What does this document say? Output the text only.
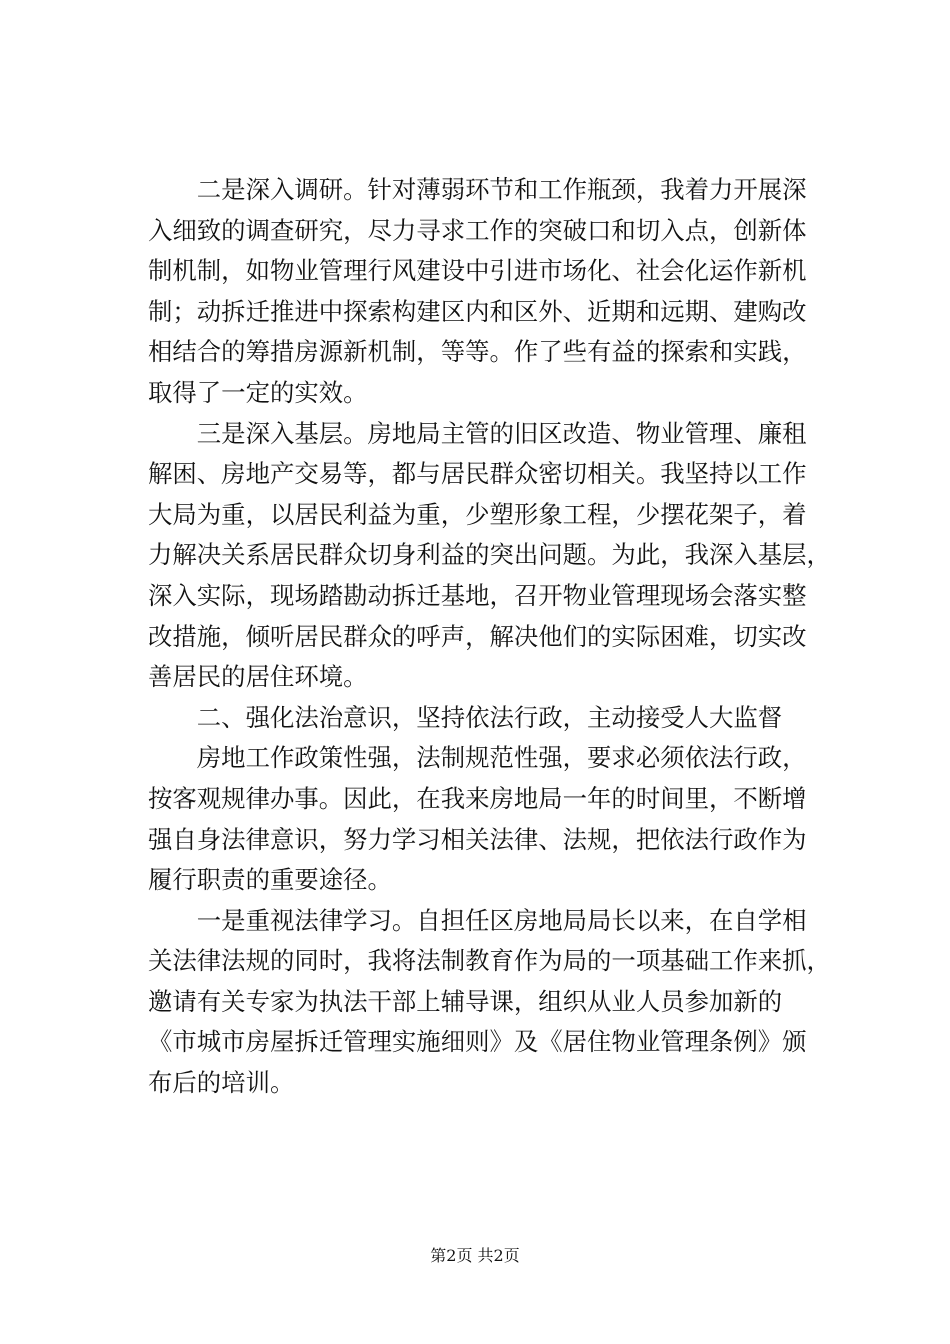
　　二是深入调研。针对薄弱环节和工作瓶颈，我着力开展深
入细致的调查研究，尽力寻求工作的突破口和切入点，创新体
制机制，如物业管理行风建设中引进市场化、社会化运作新机
制；动拆迁推进中探索构建区内和区外、近期和远期、建购改
相结合的筹措房源新机制，等等。作了些有益的探索和实践，
取得了一定的实效。
　　三是深入基层。房地局主管的旧区改造、物业管理、廉租
解困、房地产交易等，都与居民群众密切相关。我坚持以工作
大局为重，以居民利益为重，少塑形象工程，少摆花架子，着
力解决关系居民群众切身利益的突出问题。为此，我深入基层，
深入实际，现场踏勘动拆迁基地，召开物业管理现场会落实整
改措施，倾听居民群众的呼声，解决他们的实际困难，切实改
善居民的居住环境。
　　二、强化法治意识，坚持依法行政，主动接受人大监督
　　房地工作政策性强，法制规范性强，要求必须依法行政，
按客观规律办事。因此，在我来房地局一年的时间里，不断增
强自身法律意识，努力学习相关法律、法规，把依法行政作为
履行职责的重要途径。
　　一是重视法律学习。自担任区房地局局长以来，在自学相
关法律法规的同时，我将法制教育作为局的一项基础工作来抓，
邀请有关专家为执法干部上辅导课，组织从业人员参加新的
《市城市房屋拆迁管理实施细则》及《居住物业管理条例》颁
布后的培训。
第2页 共2页
